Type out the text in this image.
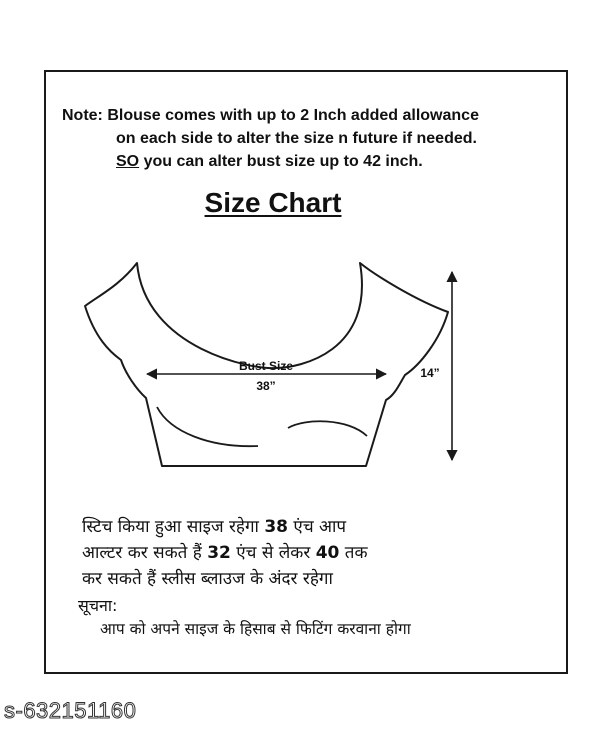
Note: Blouse comes with up to 2 Inch added allowance
on each side to alter the size n future if needed.
SO you can alter bust size up to 42 inch.
Size Chart
Bust Size
38”
14”
स्टिच किया हुआ साइज रहेगा 38 एंच आप
आल्टर कर सकते हैं 32 एंच से लेकर 40 तक
कर सकते हैं स्लीस ब्लाउज के अंदर रहेगा
सूचना:
आप को अपने साइज के हिसाब से फिटिंग करवाना होगा
s-632151160
